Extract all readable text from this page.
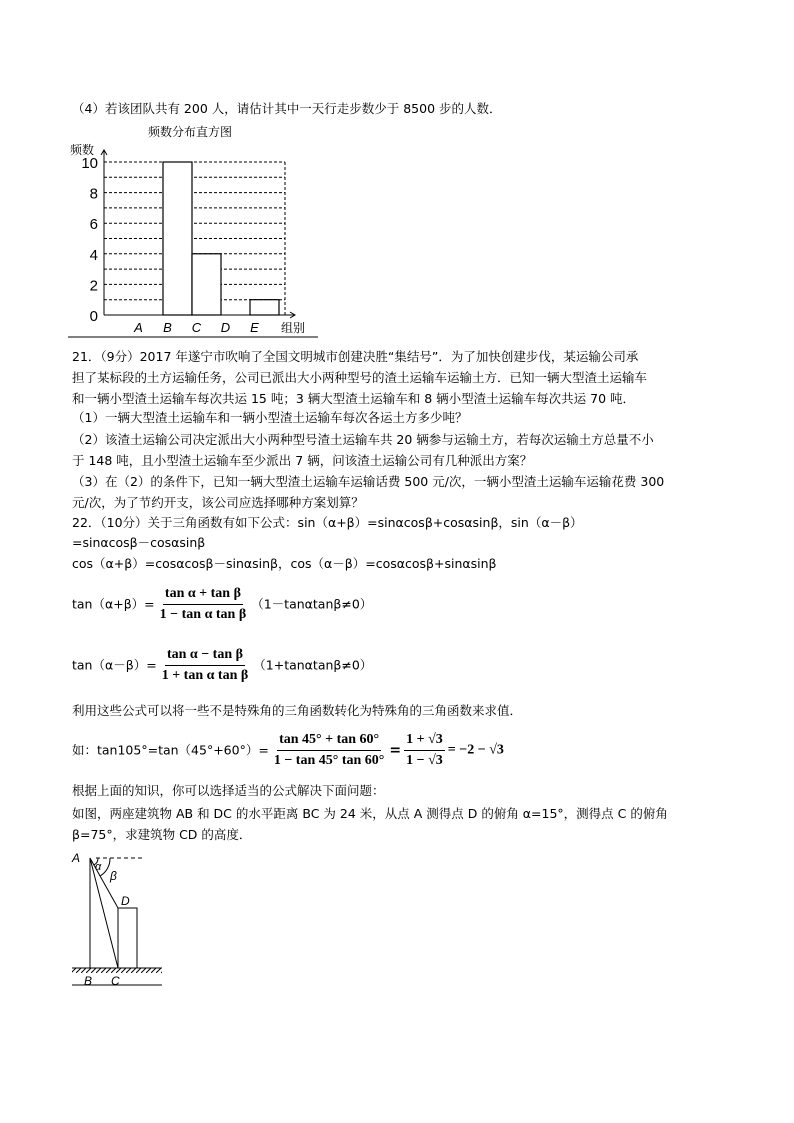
（4）若该团队共有 200 人，请估计其中一天行走步数少于 8500 步的人数．
频数分布直方图
频数
0
2
4
6
8
10
A B C D E 组别
21．（9分）2017 年遂宁市吹响了全国文明城市创建决胜“集结号”．为了加快创建步伐，某运输公司承
担了某标段的土方运输任务，公司已派出大小两种型号的渣土运输车运输土方．已知一辆大型渣土运输车
和一辆小型渣土运输车每次共运 15 吨；3 辆大型渣土运输车和 8 辆小型渣土运输车每次共运 70 吨．
（1）一辆大型渣土运输车和一辆小型渣土运输车每次各运土方多少吨？
（2）该渣土运输公司决定派出大小两种型号渣土运输车共 20 辆参与运输土方，若每次运输土方总量不小
于 148 吨，且小型渣土运输车至少派出 7 辆，问该渣土运输公司有几种派出方案？
（3）在（2）的条件下，已知一辆大型渣土运输车运输话费 500 元/次，一辆小型渣土运输车运输花费 300
元/次，为了节约开支，该公司应选择哪种方案划算？
22．（10分）关于三角函数有如下公式：sin（α+β）=sinαcosβ+cosαsinβ，sin（α－β）
=sinαcosβ－cosαsinβ
cos（α+β）=cosαcosβ－sinαsinβ，cos（α－β）=cosαcosβ+sinαsinβ
$\tan(\alpha+\beta)= \frac{\text{tan α + tan β}}{\text{1 − tan α tan β}} (1-\tan\alpha\tan\beta\ne 0)$
$\tan(\alpha-\beta)= \frac{\text{tan α − tan β}}{\text{1 + tan α tan β}} (1+\tan\alpha\tan\beta\ne 0)$
利用这些公式可以将一些不是特殊角的三角函数转化为特殊角的三角函数来求值．
如：$\tan 105^\circ=\tan(45^\circ+60^\circ)= \frac{\tan 45^\circ + \tan 60^\circ}{1 - \tan 45^\circ \tan 60^\circ} = \frac{1 + √3}{1 - √3} = -2 - √3$
根据上面的知识，你可以选择适当的公式解决下面问题：
如图，两座建筑物 AB 和 DC 的水平距离 BC 为 24 米，从点 A 测得点 D 的俯角 α=15°，测得点 C 的俯角
β=75°，求建筑物 CD 的高度．
A
α
β
D
B C
